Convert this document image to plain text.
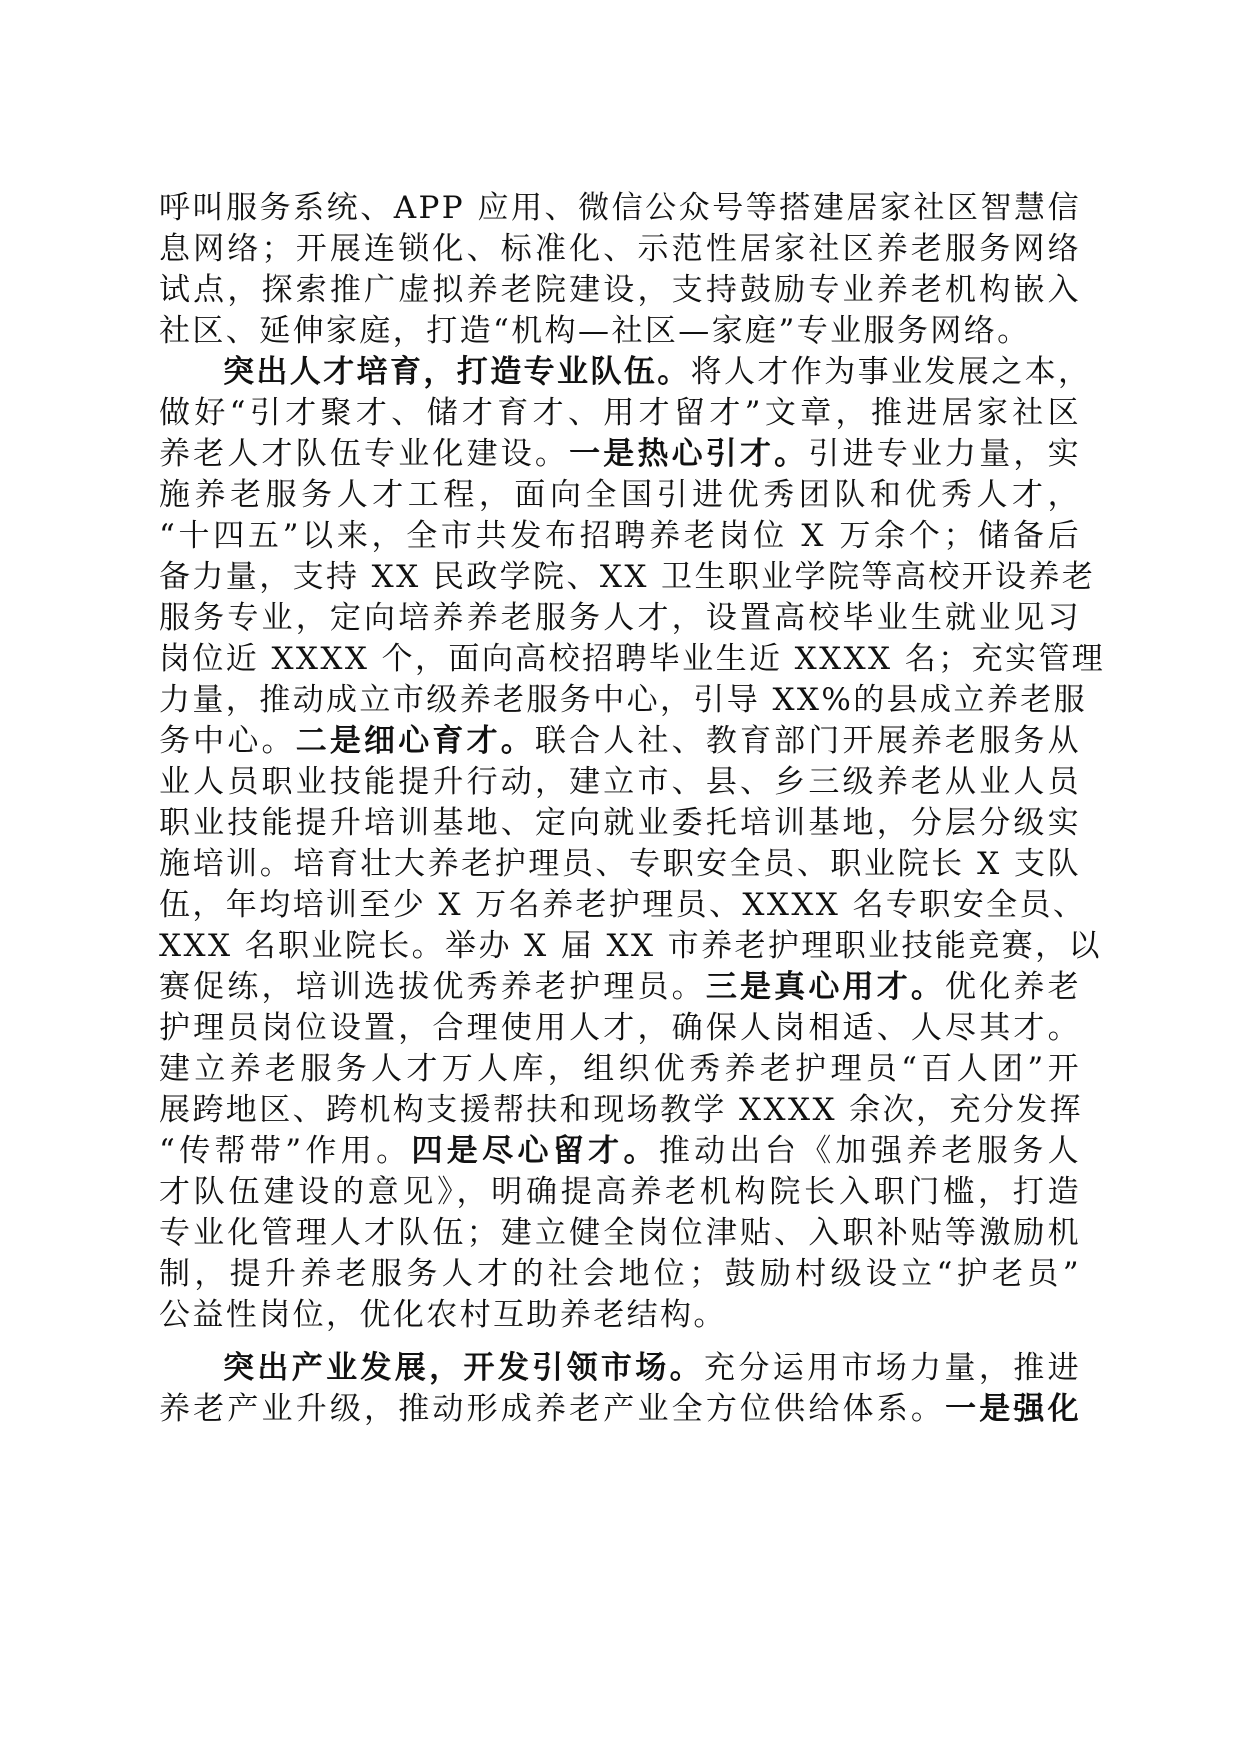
呼叫服务系统、APP 应用、微信公众号等搭建居家社区智慧信
息网络；开展连锁化、标准化、示范性居家社区养老服务网络
试点，探索推广虚拟养老院建设，支持鼓励专业养老机构嵌入
社区、延伸家庭，打造“机构—社区—家庭”专业服务网络。
突出人才培育，打造专业队伍。将人才作为事业发展之本，
做好“引才聚才、储才育才、用才留才”文章，推进居家社区
养老人才队伍专业化建设。一是热心引才。引进专业力量，实
施养老服务人才工程，面向全国引进优秀团队和优秀人才，
“十四五”以来，全市共发布招聘养老岗位 X 万余个；储备后
备力量，支持 XX 民政学院、XX 卫生职业学院等高校开设养老
服务专业，定向培养养老服务人才，设置高校毕业生就业见习
岗位近 XXXX 个，面向高校招聘毕业生近 XXXX 名；充实管理
力量，推动成立市级养老服务中心，引导 XX%的县成立养老服
务中心。二是细心育才。联合人社、教育部门开展养老服务从
业人员职业技能提升行动，建立市、县、乡三级养老从业人员
职业技能提升培训基地、定向就业委托培训基地，分层分级实
施培训。培育壮大养老护理员、专职安全员、职业院长 X 支队
伍，年均培训至少 X 万名养老护理员、XXXX 名专职安全员、
XXX 名职业院长。举办 X 届 XX 市养老护理职业技能竞赛，以
赛促练，培训选拔优秀养老护理员。三是真心用才。优化养老
护理员岗位设置，合理使用人才，确保人岗相适、人尽其才。
建立养老服务人才万人库，组织优秀养老护理员“百人团”开
展跨地区、跨机构支援帮扶和现场教学 XXXX 余次，充分发挥
“传帮带”作用。四是尽心留才。推动出台《加强养老服务人
才队伍建设的意见》，明确提高养老机构院长入职门槛，打造
专业化管理人才队伍；建立健全岗位津贴、入职补贴等激励机
制，提升养老服务人才的社会地位；鼓励村级设立“护老员”
公益性岗位，优化农村互助养老结构。
突出产业发展，开发引领市场。充分运用市场力量，推进
养老产业升级，推动形成养老产业全方位供给体系。一是强化
